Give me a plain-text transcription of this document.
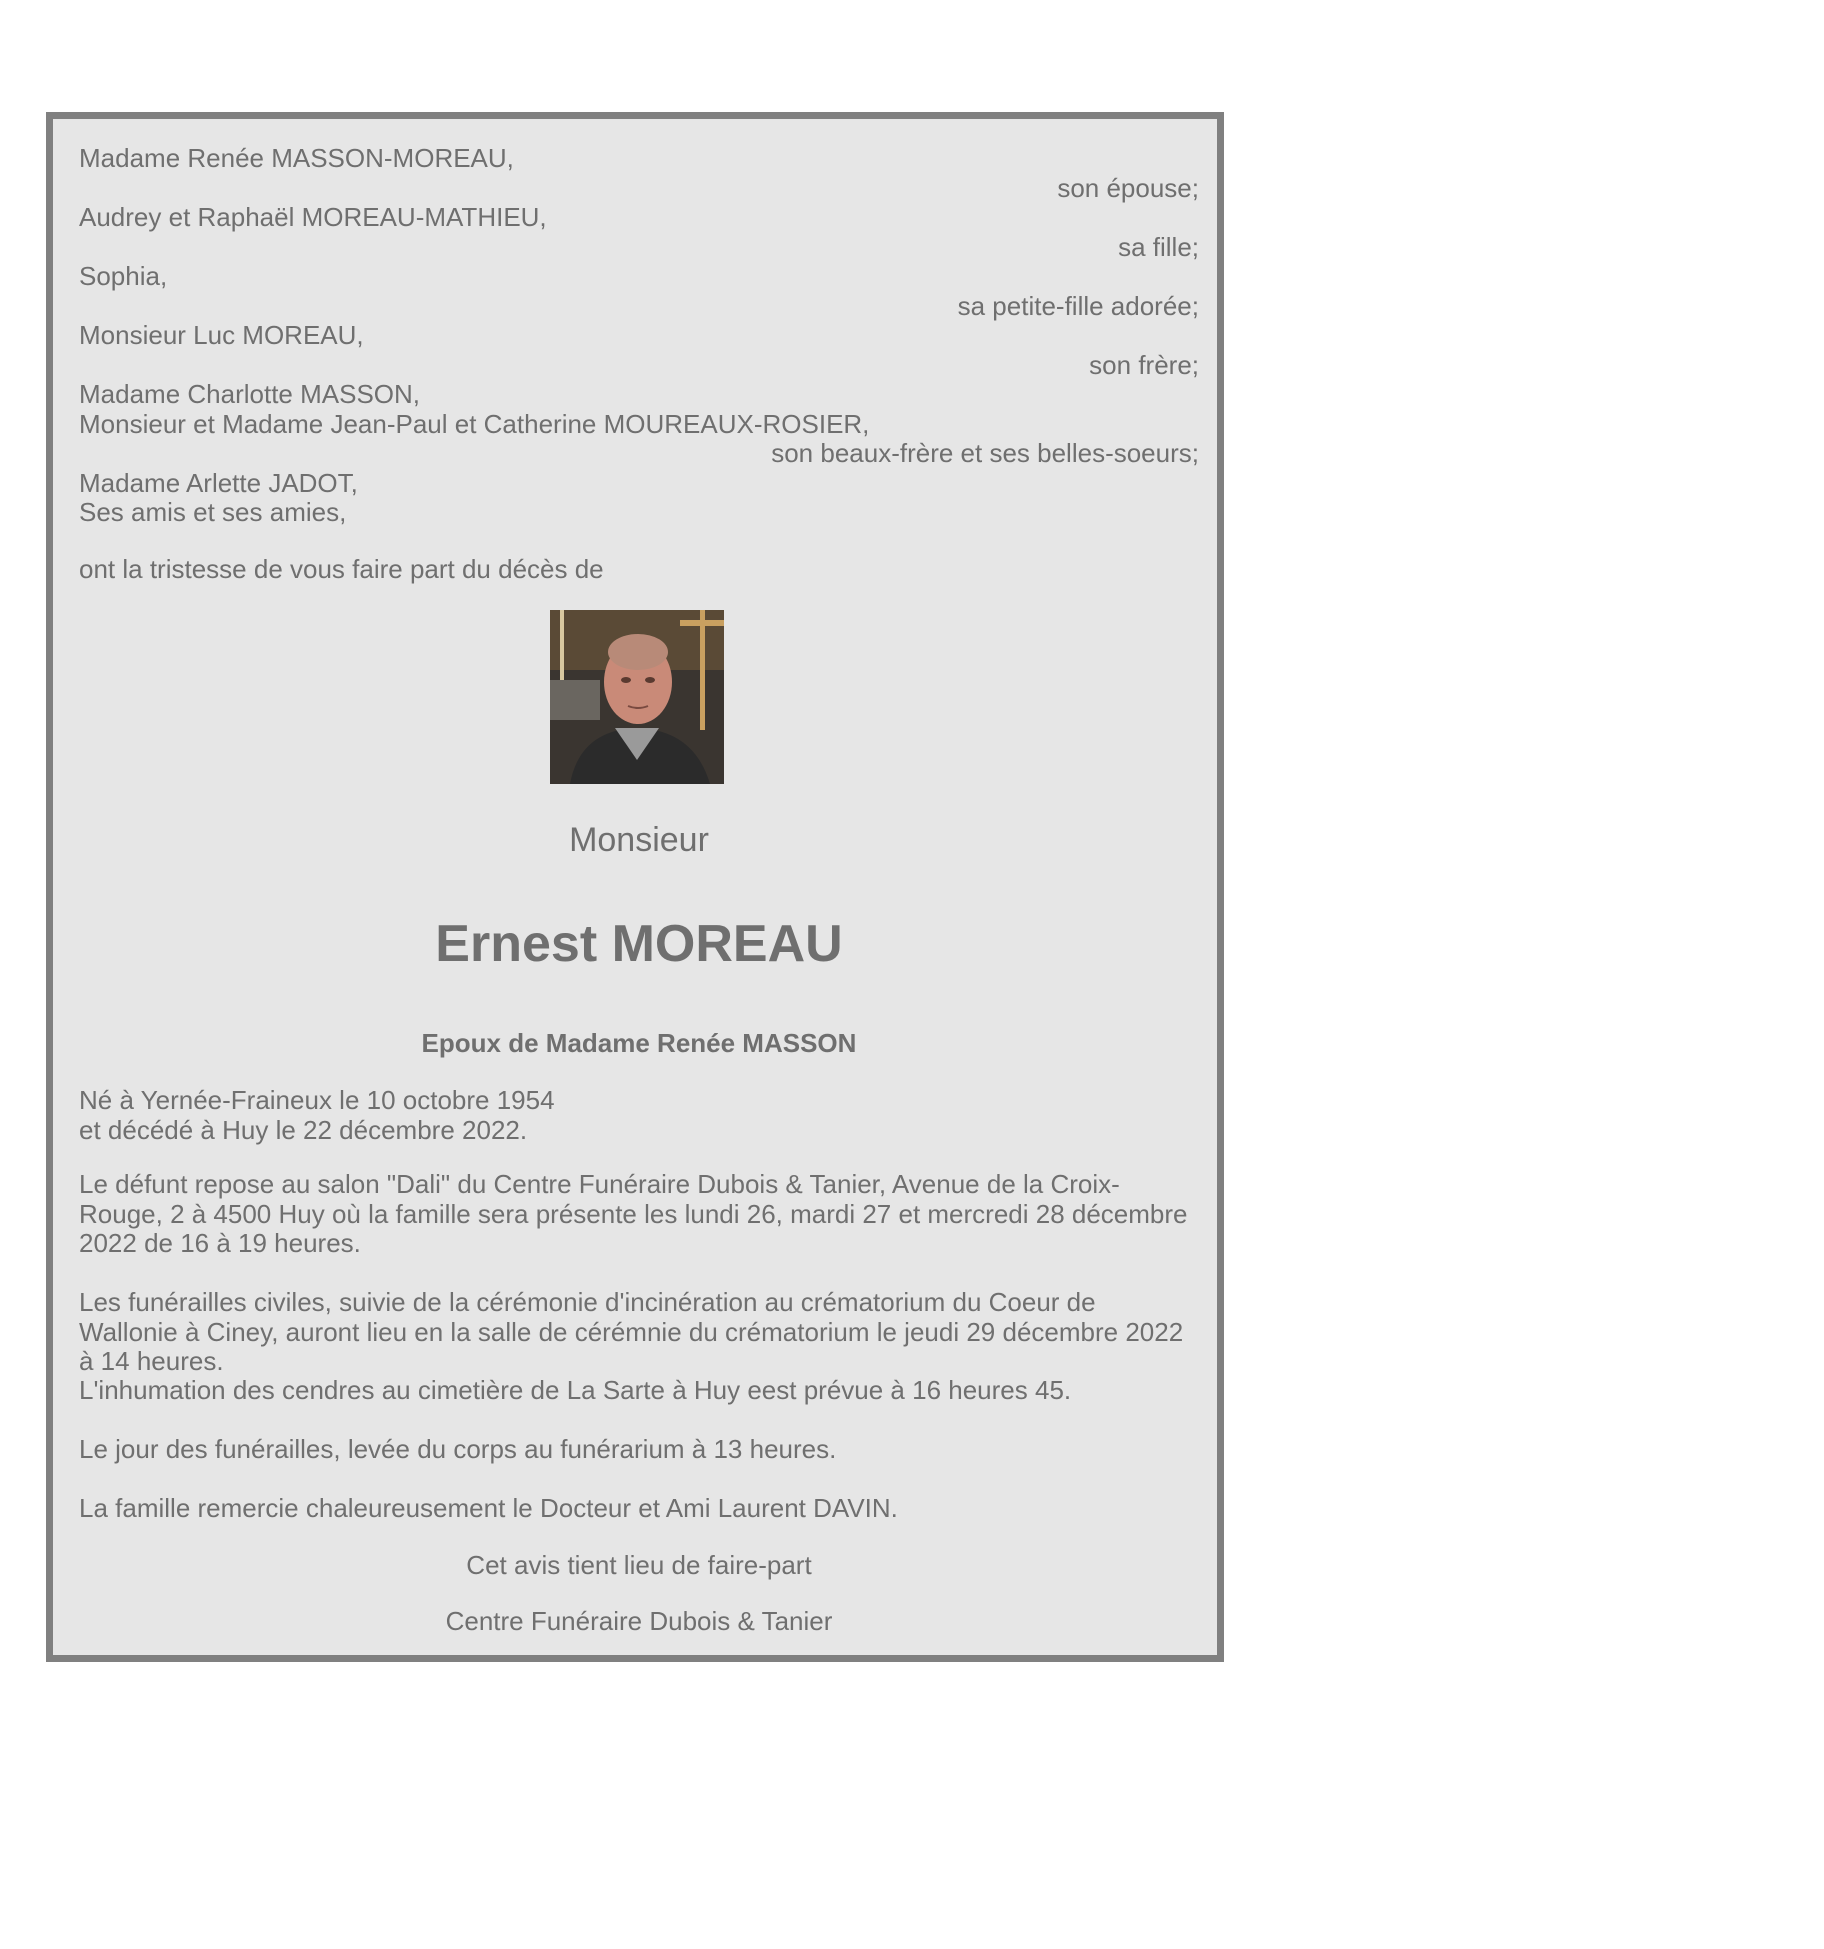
Madame Renée MASSON-MOREAU,

son épouse;

Audrey et Raphaël MOREAU-MATHIEU,

sa fille;

Sophia,

sa petite-fille adorée;

Monsieur Luc MOREAU,

son frère;

Madame Charlotte MASSON,

Monsieur et Madame Jean-Paul et Catherine MOUREAUX-ROSIER,

son beaux-frère et ses belles-soeurs;

Madame Arlette JADOT,

Ses amis et ses amies,

ont la tristesse de vous faire part du décès de
Monsieur
Ernest MOREAU
Epoux de Madame Renée MASSON
Né à Yernée-Fraineux le 10 octobre 1954
et décédé à Huy le 22 décembre 2022.

Le défunt repose au salon "Dali" du Centre Funéraire Dubois & Tanier, Avenue de la Croix-Rouge, 2 à 4500 Huy où la famille sera présente les lundi 26, mardi 27 et mercredi 28 décembre 2022 de 16 à 19 heures.

Les funérailles civiles, suivie de la cérémonie d'incinération au crématorium du Coeur de Wallonie à Ciney, auront lieu en la salle de cérémnie du crématorium le jeudi 29 décembre 2022 à 14 heures.

L'inhumation des cendres au cimetière de La Sarte à Huy eest prévue à 16 heures 45.

Le jour des funérailles, levée du corps au funérarium à 13 heures.

La famille remercie chaleureusement le Docteur et Ami Laurent DAVIN.

Cet avis tient lieu de faire-part
Centre Funéraire Dubois & Tanier
